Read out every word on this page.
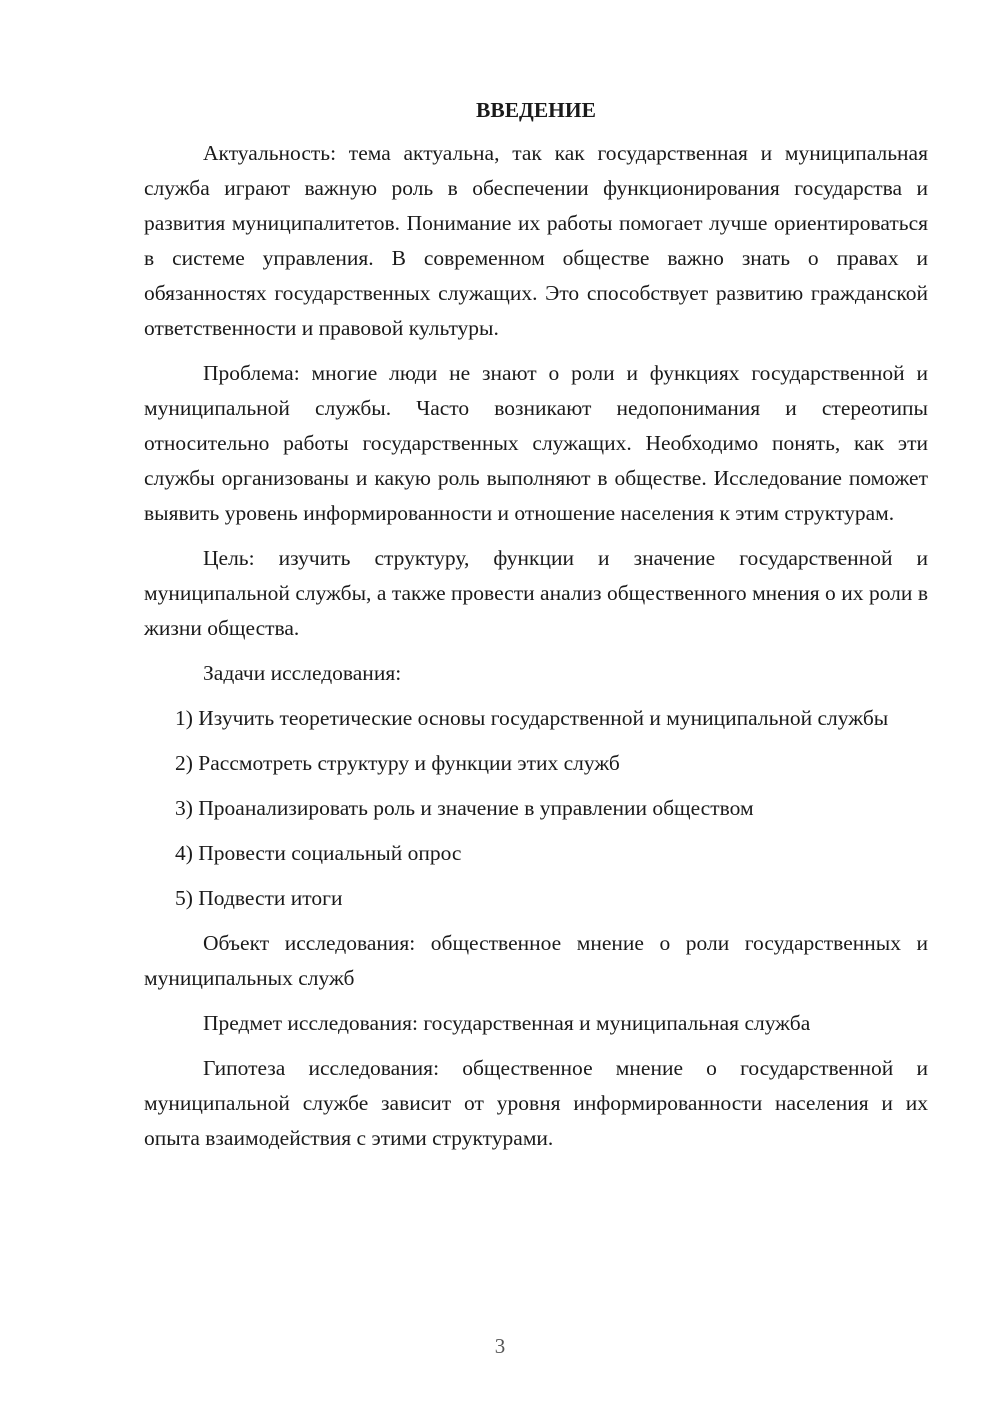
ВВЕДЕНИЕ

Актуальность: тема актуальна, так как государственная и муниципальная служба играют важную роль в обеспечении функционирования государства и развития муниципалитетов. Понимание их работы помогает лучше ориентироваться в системе управления. В современном обществе важно знать о правах и обязанностях государственных служащих. Это способствует развитию гражданской ответственности и правовой культуры.

Проблема: многие люди не знают о роли и функциях государственной и муниципальной службы. Часто возникают недопонимания и стереотипы относительно работы государственных служащих. Необходимо понять, как эти службы организованы и какую роль выполняют в обществе. Исследование поможет выявить уровень информированности и отношение населения к этим структурам.

Цель: изучить структуру, функции и значение государственной и муниципальной службы, а также провести анализ общественного мнения о их роли в жизни общества.

Задачи исследования:

1) Изучить теоретические основы государственной и муниципальной службы

2) Рассмотреть структуру и функции этих служб

3) Проанализировать роль и значение в управлении обществом

4) Провести социальный опрос

5) Подвести итоги

Объект исследования: общественное мнение о роли государственных и муниципальных служб

Предмет исследования: государственная и муниципальная служба

Гипотеза исследования: общественное мнение о государственной и муниципальной службе зависит от уровня информированности населения и их опыта взаимодействия с этими структурами.

3
